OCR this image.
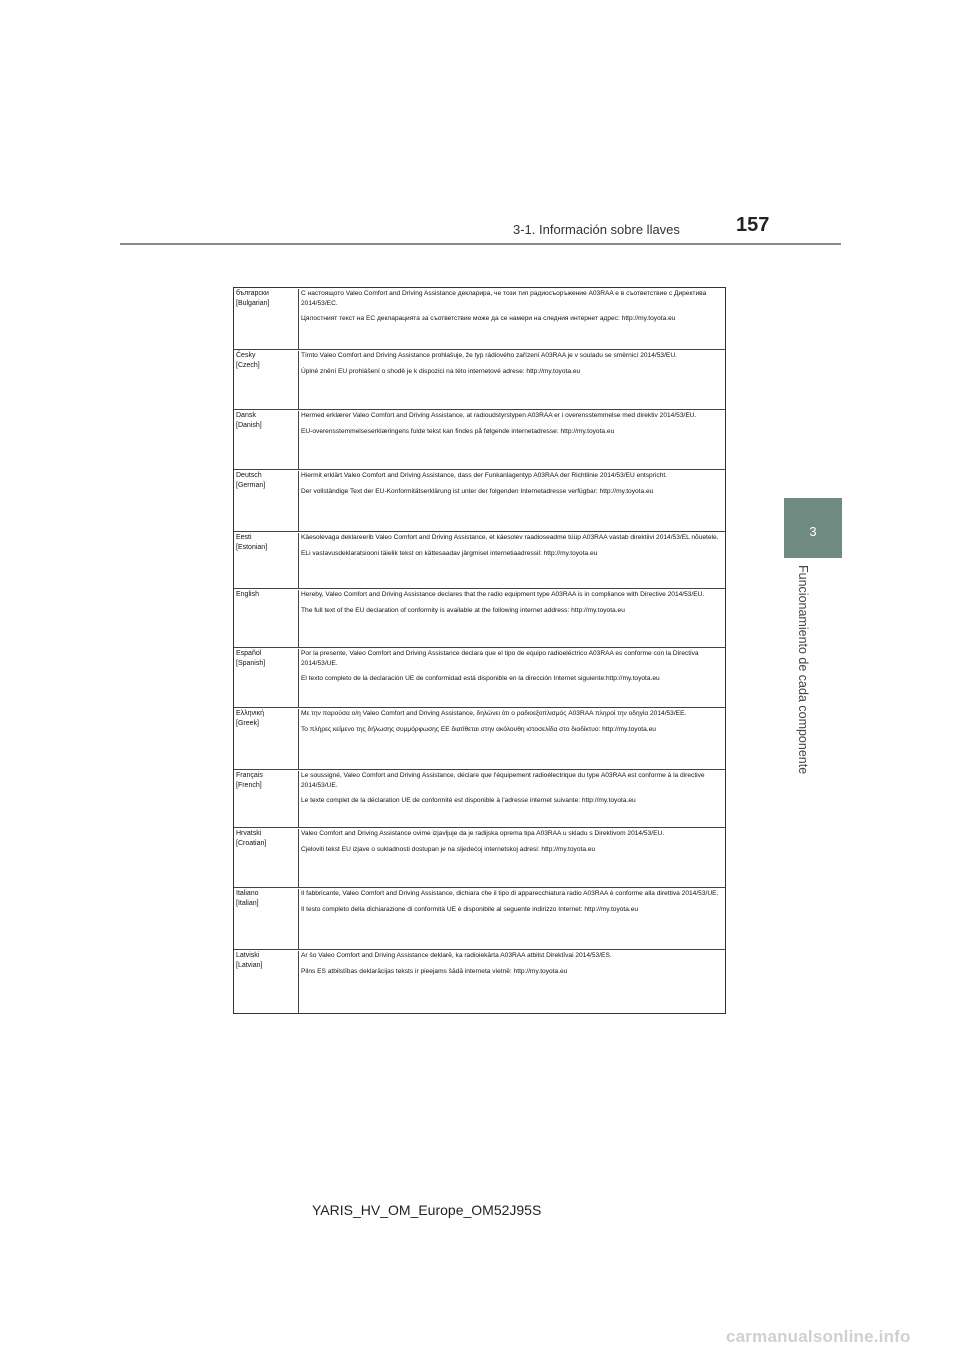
3-1. Información sobre llaves	157
3
Funcionamiento de cada componente
български
[Bulgarian]

С настоящото Valeo Comfort and Driving Assistance декларира, че този тип радиосъоръжение A03RAA е в съответствие с Директива 2014/53/ЕС.

Цялостният текст на ЕС декларацията за съответствие може да се намери на следния интернет адрес: http://my.toyota.eu

Česky
[Czech]

Tímto Valeo Comfort and Driving Assistance prohlašuje, že typ rádiového zařízení A03RAA je v souladu se směrnicí 2014/53/EU.

Úplné znění EU prohlášení o shodě je k dispozici na této internetové adrese: http://my.toyota.eu

Dansk
[Danish]

Hermed erklærer Valeo Comfort and Driving Assistance, at radioudstyrstypen A03RAA er i overensstemmelse med direktiv 2014/53/EU.

EU-overensstemmelseserklæringens fulde tekst kan findes på følgende internetadresse: http://my.toyota.eu

Deutsch
[German]

Hiermit erklärt Valeo Comfort and Driving Assistance, dass der Funkanlagentyp A03RAA der Richtlinie 2014/53/EU entspricht.

Der vollständige Text der EU-Konformitätserklärung ist unter der folgenden Internetadresse verfügbar: http://my.toyota.eu

Eesti
[Estonian]

Käesolevaga deklareerib Valeo Comfort and Driving Assistance, et käesolev raadioseadme tüüp A03RAA vastab direktiivi 2014/53/EL nõuetele.

ELi vastavusdeklaratsiooni täielik tekst on kättesaadav järgmisel internetiaadressil: http://my.toyota.eu

English	Hereby, Valeo Comfort and Driving Assistance declares that the radio equipment type A03RAA is in compliance with Directive 2014/53/EU.

The full text of the EU declaration of conformity is available at the following internet address: http://my.toyota.eu

Español
[Spanish]

Por la presente, Valeo Comfort and Driving Assistance declara que el tipo de equipo radioeléctrico A03RAA es conforme con la Directiva 2014/53/UE.

El texto completo de la declaración UE de conformidad está disponible en la dirección Internet siguiente:http://my.toyota.eu

Ελληνική
[Greek]

Με την παρούσα ο/η Valeo Comfort and Driving Assistance, δηλώνει ότι ο ραδιοεξοπλισμός A03RAA πληροί την οδηγία 2014/53/ΕΕ.

Το πλήρες κείμενο της δήλωσης συμμόρφωσης ΕΕ διατίθεται στην ακόλουθη ιστοσελίδα στο διαδίκτυο: http://my.toyota.eu

Français
[French]

Le soussigné, Valeo Comfort and Driving Assistance, déclare que l'équipement radioélectrique du type A03RAA est conforme à la directive 2014/53/UE.

Le texte complet de la déclaration UE de conformité est disponible à l'adresse internet suivante: http://my.toyota.eu

Hrvatski
[Croatian]

Valeo Comfort and Driving Assistance ovime izjavljuje da je radijska oprema tipa A03RAA u skladu s Direktivom 2014/53/EU.

Cjeloviti tekst EU izjave o sukladnosti dostupan je na sljedećoj internetskoj adresi: http://my.toyota.eu

Italiano
[Italian]

Il fabbricante, Valeo Comfort and Driving Assistance, dichiara che il tipo di apparecchiatura radio A03RAA è conforme alla direttiva 2014/53/UE.

Il testo completo della dichiarazione di conformità UE è disponibile al seguente indirizzo Internet: http://my.toyota.eu

Latviski
[Latvian]

Ar šo Valeo Comfort and Driving Assistance deklarē, ka radioiekārta A03RAA atbilst Direktīvai 2014/53/ES.

Pilns ES atbilstības deklarācijas teksts ir pieejams šādā interneta vietnē: http://my.toyota.eu

YARIS_HV_OM_Europe_OM52J95S
carmanualsonline.info
